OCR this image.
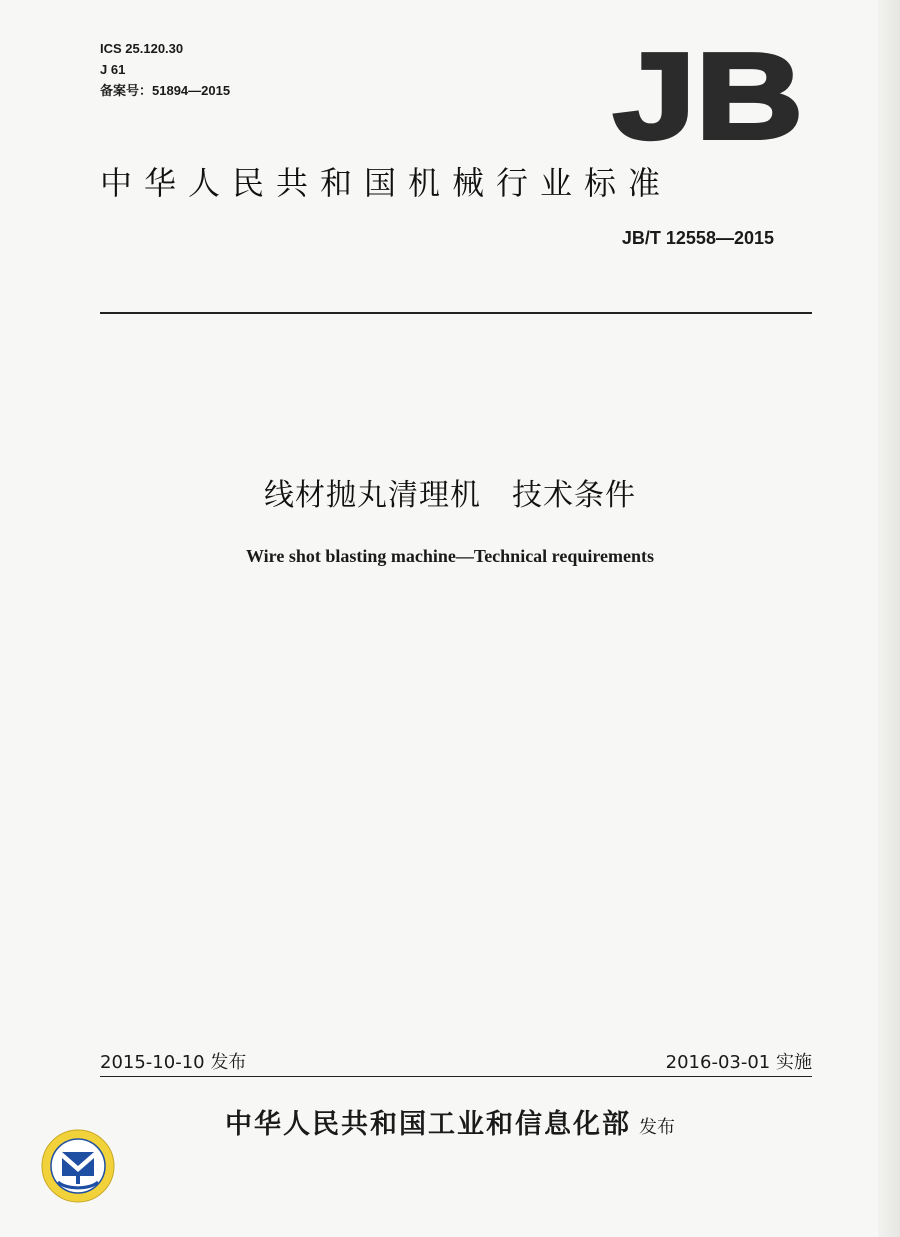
ICS 25.120.30
J 61
备案号：51894—2015	JB
中华人民共和国机械行业标准
JB/T 12558—2015
线材抛丸清理机　技术条件
Wire shot blasting machine—Technical requirements
2015-10-10 发布	2016-03-01 实施
中华人民共和国工业和信息化部 发布
